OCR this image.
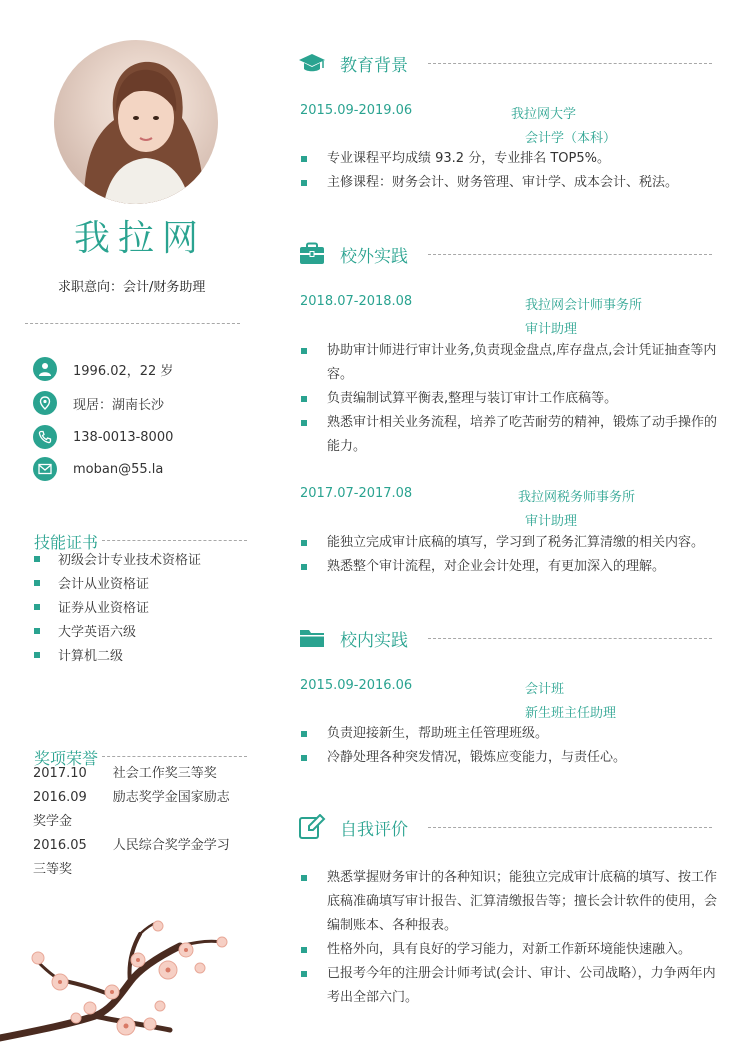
我拉网
求职意向：会计/财务助理
1996.02，22 岁
现居：湖南长沙
138-0013-8000
moban@55.la
技能证书
初级会计专业技术资格证
会计从业资格证
证券从业资格证
大学英语六级
计算机二级
奖项荣誉
2017.10 社会工作奖三等奖
2016.09 励志奖学金国家励志
奖学金
2016.05 人民综合奖学金学习
三等奖
教育背景
2015.09-2019.06	我拉网大学
会计学（本科）
专业课程平均成绩 93.2 分，专业排名 TOP5%。
主修课程：财务会计、财务管理、审计学、成本会计、税法。
校外实践
2018.07-2018.08	我拉网会计师事务所
审计助理
协助审计师进行审计业务,负责现金盘点,库存盘点,会计凭证抽查等内容。
负责编制试算平衡表,整理与装订审计工作底稿等。
熟悉审计相关业务流程，培养了吃苦耐劳的精神，锻炼了动手操作的能力。
2017.07-2017.08	我拉网税务师事务所
审计助理
能独立完成审计底稿的填写，学习到了税务汇算清缴的相关内容。
熟悉整个审计流程，对企业会计处理，有更加深入的理解。
校内实践
2015.09-2016.06	会计班
新生班主任助理
负责迎接新生，帮助班主任管理班级。
冷静处理各种突发情况，锻炼应变能力，与责任心。
自我评价
熟悉掌握财务审计的各种知识；能独立完成审计底稿的填写、按工作底稿准确填写审计报告、汇算清缴报告等；擅长会计软件的使用，会编制账本、各种报表。
性格外向，具有良好的学习能力，对新工作新环境能快速融入。
已报考今年的注册会计师考试(会计、审计、公司战略），力争两年内考出全部六门。
